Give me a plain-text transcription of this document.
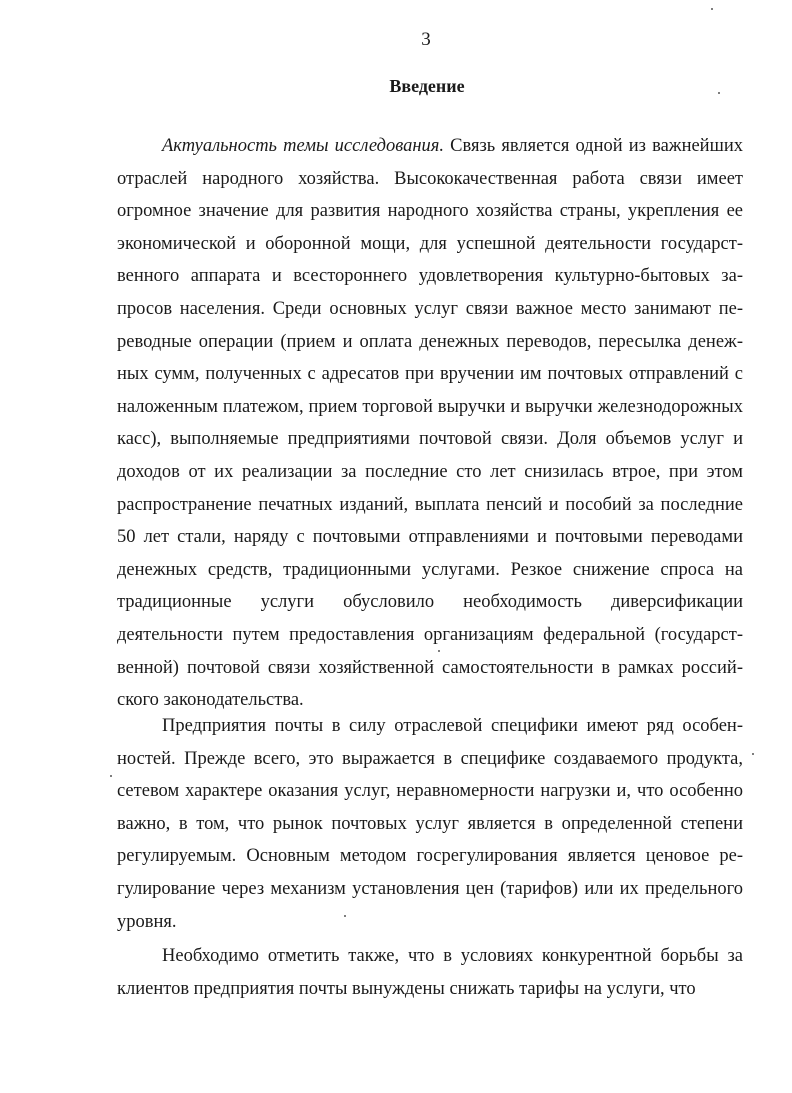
3
Введение

Актуальность темы исследования. Связь является одной из важнейших отраслей народного хозяйства. Высококачественная работа связи имеет огромное значение для развития народного хозяйства страны, укрепления ее экономической и оборонной мощи, для успешной деятельности государственного аппарата и всестороннего удовлетворения культурно-бытовых запросов населения. Среди основных услуг связи важное место занимают переводные операции (прием и оплата денежных переводов, пересылка денежных сумм, полученных с адресатов при вручении им почтовых отправлений с наложенным платежом, прием торговой выручки и выручки железнодорожных касс), выполняемые предприятиями почтовой связи. Доля объемов услуг и доходов от их реализации за последние сто лет снизилась втрое, при этом распространение печатных изданий, выплата пенсий и пособий за последние 50 лет стали, наряду с почтовыми отправлениями и почтовыми переводами денежных средств, традиционными услугами. Резкое снижение спроса на традиционные услуги обусловило необходимость диверсификации деятельности путем предоставления организациям федеральной (государственной) почтовой связи хозяйственной самостоятельности в рамках российского законодательства.

Предприятия почты в силу отраслевой специфики имеют ряд особенностей. Прежде всего, это выражается в специфике создаваемого продукта, сетевом характере оказания услуг, неравномерности нагрузки и, что особенно важно, в том, что рынок почтовых услуг является в определенной степени регулируемым. Основным методом госрегулирования является ценовое регулирование через механизм установления цен (тарифов) или их предельного уровня.

Необходимо отметить также, что в условиях конкурентной борьбы за клиентов предприятия почты вынуждены снижать тарифы на услуги, что
